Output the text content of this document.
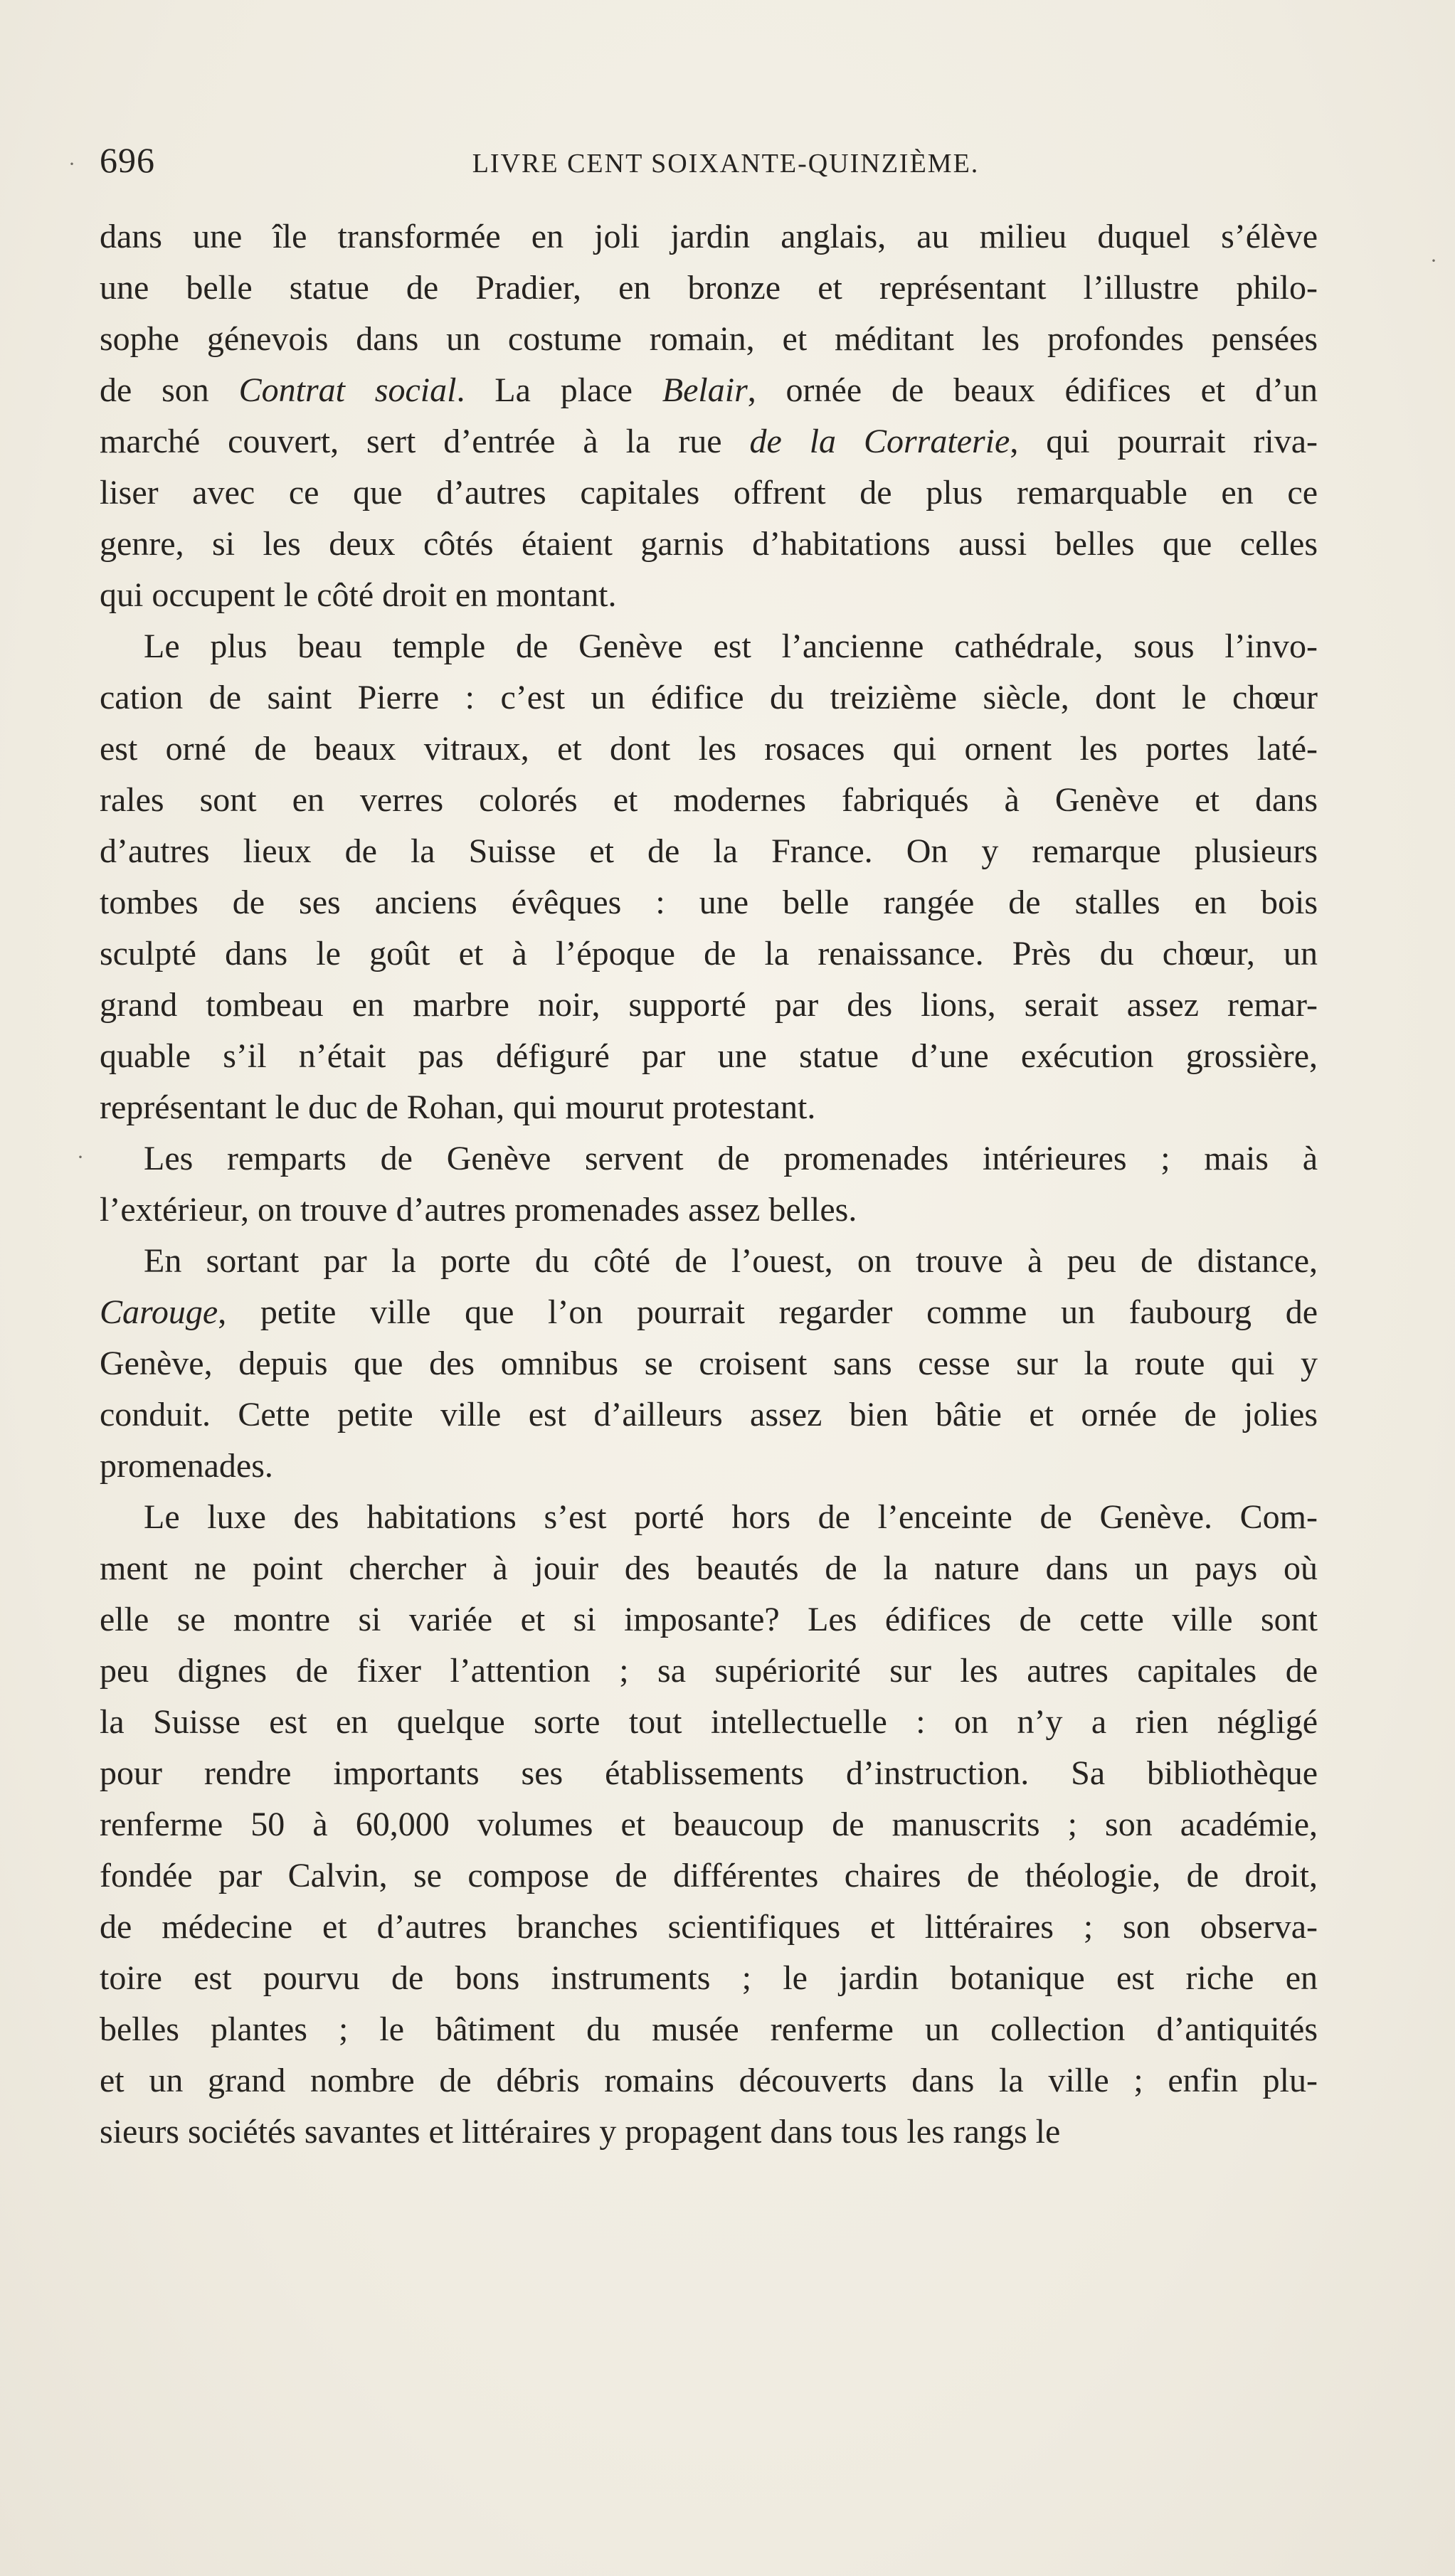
·
·
·
696	LIVRE CENT SOIXANTE-QUINZIÈME.
dans une île transformée en joli jardin anglais, au milieu duquel s’élève
une belle statue de Pradier, en bronze et représentant l’illustre philo-
sophe génevois dans un costume romain, et méditant les profondes pensées
de son Contrat social. La place Belair, ornée de beaux édifices et d’un
marché couvert, sert d’entrée à la rue de la Corraterie, qui pourrait riva-
liser avec ce que d’autres capitales offrent de plus remarquable en ce
genre, si les deux côtés étaient garnis d’habitations aussi belles que celles
qui occupent le côté droit en montant.
Le plus beau temple de Genève est l’ancienne cathédrale, sous l’invo-
cation de saint Pierre : c’est un édifice du treizième siècle, dont le chœur
est orné de beaux vitraux, et dont les rosaces qui ornent les portes laté-
rales sont en verres colorés et modernes fabriqués à Genève et dans
d’autres lieux de la Suisse et de la France. On y remarque plusieurs
tombes de ses anciens évêques : une belle rangée de stalles en bois
sculpté dans le goût et à l’époque de la renaissance. Près du chœur, un
grand tombeau en marbre noir, supporté par des lions, serait assez remar-
quable s’il n’était pas défiguré par une statue d’une exécution grossière,
représentant le duc de Rohan, qui mourut protestant.
Les remparts de Genève servent de promenades intérieures ; mais à
l’extérieur, on trouve d’autres promenades assez belles.
En sortant par la porte du côté de l’ouest, on trouve à peu de distance,
Carouge, petite ville que l’on pourrait regarder comme un faubourg de
Genève, depuis que des omnibus se croisent sans cesse sur la route qui y
conduit. Cette petite ville est d’ailleurs assez bien bâtie et ornée de jolies
promenades.
Le luxe des habitations s’est porté hors de l’enceinte de Genève. Com-
ment ne point chercher à jouir des beautés de la nature dans un pays où
elle se montre si variée et si imposante? Les édifices de cette ville sont
peu dignes de fixer l’attention ; sa supériorité sur les autres capitales de
la Suisse est en quelque sorte tout intellectuelle : on n’y a rien négligé
pour rendre importants ses établissements d’instruction. Sa bibliothèque
renferme 50 à 60,000 volumes et beaucoup de manuscrits ; son académie,
fondée par Calvin, se compose de différentes chaires de théologie, de droit,
de médecine et d’autres branches scientifiques et littéraires ; son observa-
toire est pourvu de bons instruments ; le jardin botanique est riche en
belles plantes ; le bâtiment du musée renferme un collection d’antiquités
et un grand nombre de débris romains découverts dans la ville ; enfin plu-
sieurs sociétés savantes et littéraires y propagent dans tous les rangs le
